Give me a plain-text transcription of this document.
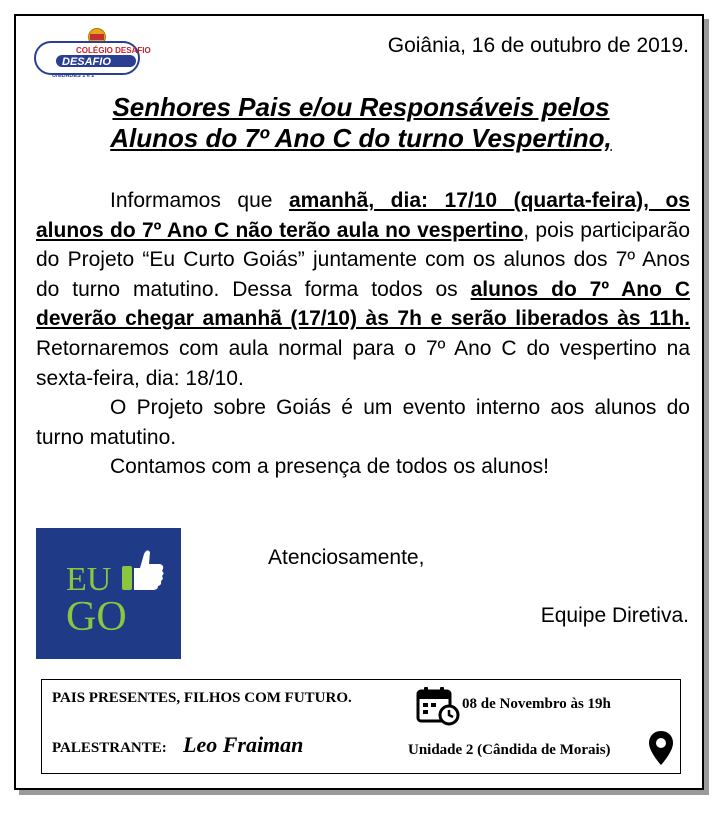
COLÉGIO DESAFIO
DESAFIO
UNIDADES 1 e 2
Goiânia, 16 de outubro de 2019.
Senhores Pais e/ou Responsáveis pelos
Alunos do 7º Ano C do turno Vespertino,

Informamos que amanhã, dia: 17/10 (quarta-feira), os alunos do 7º Ano C não terão aula no vespertino, pois participarão do Projeto “Eu Curto Goiás” juntamente com os alunos dos 7º Anos do turno matutino. Dessa forma todos os alunos do 7º Ano C deverão chegar amanhã (17/10) às 7h e serão liberados às 11h. Retornaremos com aula normal para o 7º Ano C do vespertino na sexta-feira, dia: 18/10.

O Projeto sobre Goiás é um evento interno aos alunos do turno matutino.

Contamos com a presença de todos os alunos!

EU
GO
Atenciosamente,
Equipe Diretiva.
PAIS PRESENTES, FILHOS COM FUTURO.
PALESTRANTE: Leo Fraiman
08 de Novembro às 19h
Unidade 2 (Cândida de Morais)
